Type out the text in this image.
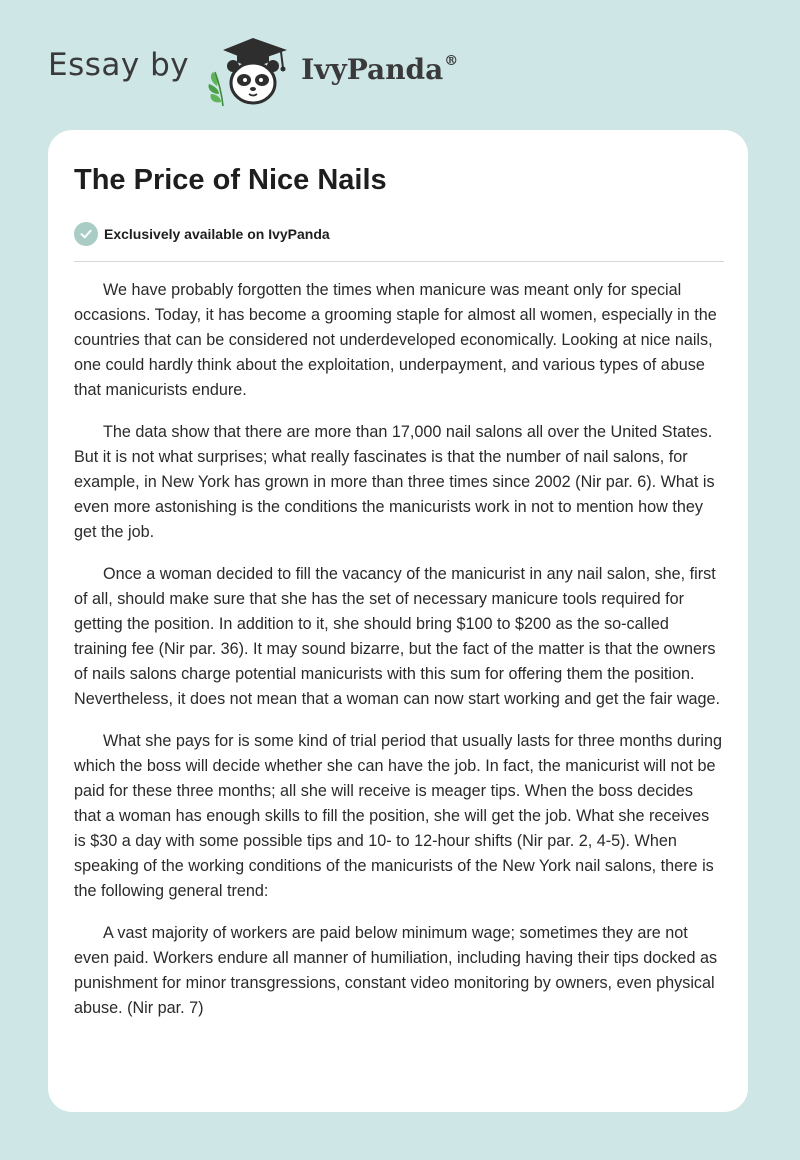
Essay by	IvyPanda®
The Price of Nice Nails
Exclusively available on IvyPanda

We have probably forgotten the times when manicure was meant only for special occasions. Today, it has become a grooming staple for almost all women, especially in the countries that can be considered not underdeveloped economically. Looking at nice nails, one could hardly think about the exploitation, underpayment, and various types of abuse that manicurists endure.

The data show that there are more than 17,000 nail salons all over the United States. But it is not what surprises; what really fascinates is that the number of nail salons, for example, in New York has grown in more than three times since 2002 (Nir par. 6). What is even more astonishing is the conditions the manicurists work in not to mention how they get the job.

Once a woman decided to fill the vacancy of the manicurist in any nail salon, she, first of all, should make sure that she has the set of necessary manicure tools required for getting the position. In addition to it, she should bring $100 to $200 as the so-called training fee (Nir par. 36). It may sound bizarre, but the fact of the matter is that the owners of nails salons charge potential manicurists with this sum for offering them the position. Nevertheless, it does not mean that a woman can now start working and get the fair wage.

What she pays for is some kind of trial period that usually lasts for three months during which the boss will decide whether she can have the job. In fact, the manicurist will not be paid for these three months; all she will receive is meager tips. When the boss decides that a woman has enough skills to fill the position, she will get the job. What she receives is $30 a day with some possible tips and 10- to 12-hour shifts (Nir par. 2, 4-5). When speaking of the working conditions of the manicurists of the New York nail salons, there is the following general trend:

A vast majority of workers are paid below minimum wage; sometimes they are not even paid. Workers endure all manner of humiliation, including having their tips docked as punishment for minor transgressions, constant video monitoring by owners, even physical abuse. (Nir par. 7)
